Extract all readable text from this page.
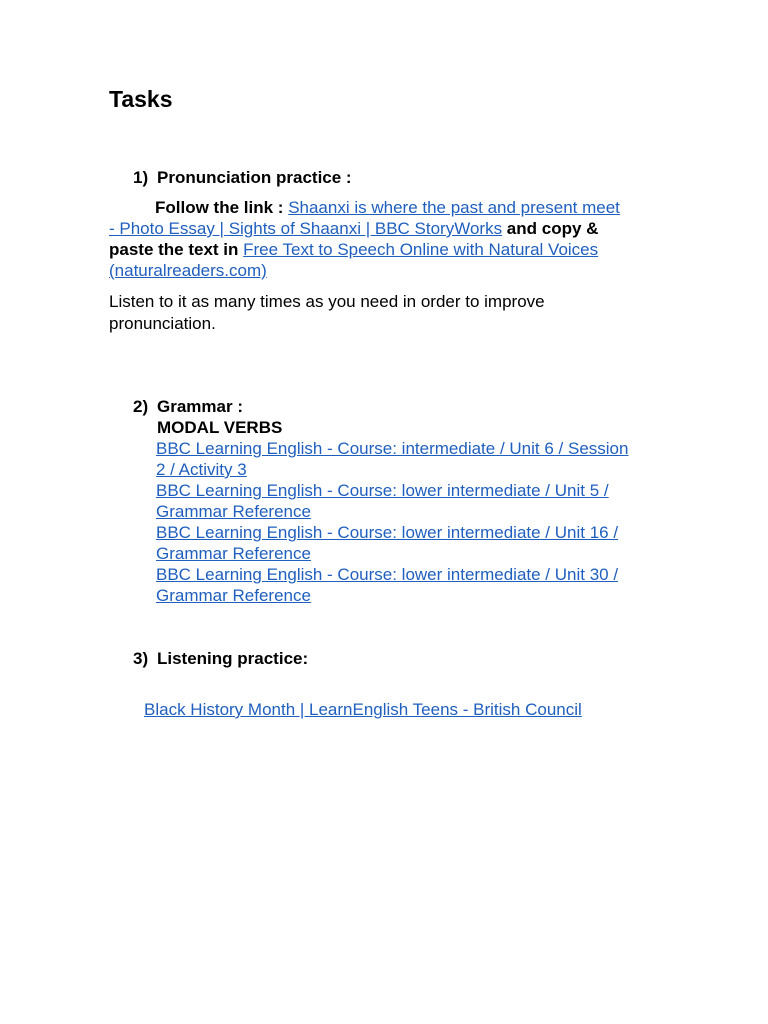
Tasks
1) Pronunciation practice :
Follow the link : Shaanxi is where the past and present meet
- Photo Essay | Sights of Shaanxi | BBC StoryWorks and copy &
paste the text in Free Text to Speech Online with Natural Voices
(naturalreaders.com)
Listen to it as many times as you need in order to improve
pronunciation.
2) Grammar :
MODAL VERBS
BBC Learning English - Course: intermediate / Unit 6 / Session
2 / Activity 3
BBC Learning English - Course: lower intermediate / Unit 5 /
Grammar Reference
BBC Learning English - Course: lower intermediate / Unit 16 /
Grammar Reference
BBC Learning English - Course: lower intermediate / Unit 30 /
Grammar Reference
3) Listening practice:
Black History Month | LearnEnglish Teens - British Council
